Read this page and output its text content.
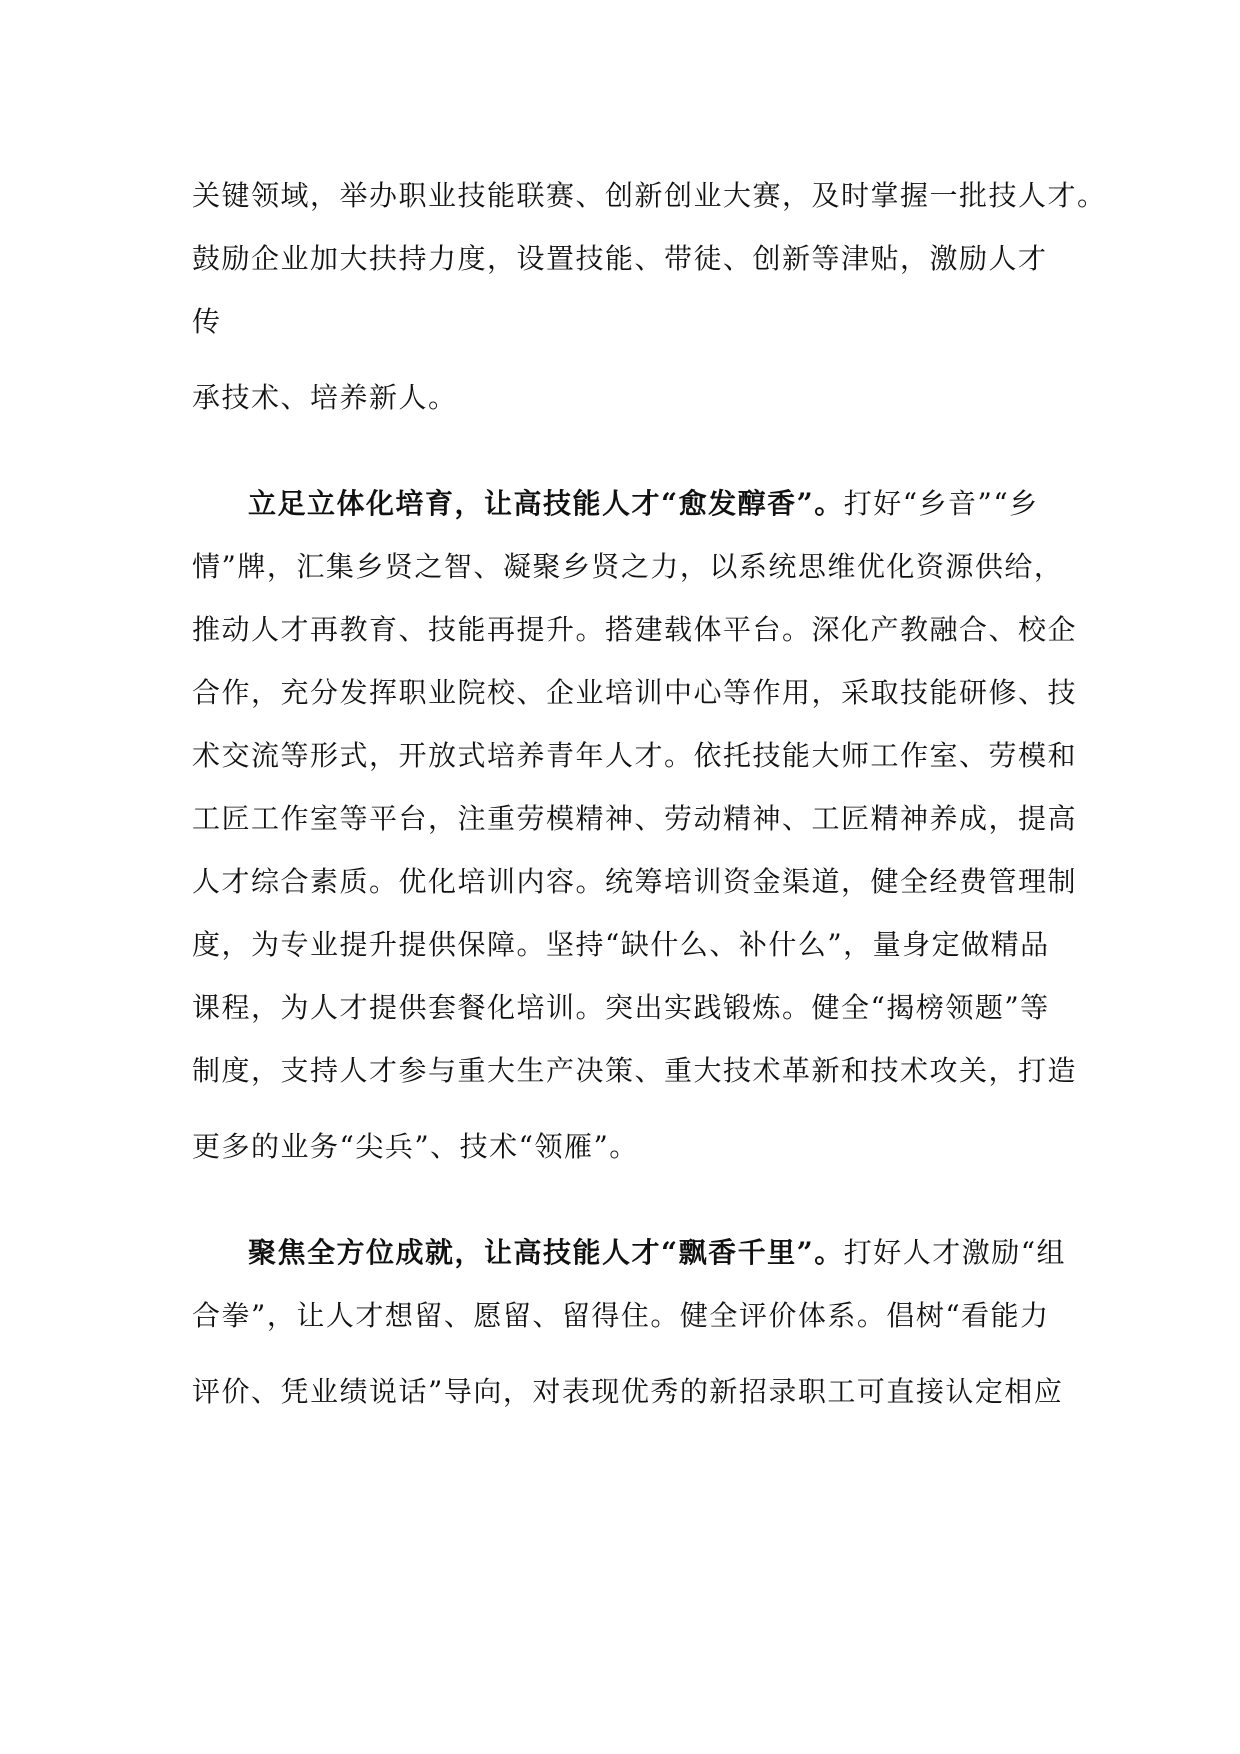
关键领域，举办职业技能联赛、创新创业大赛，及时掌握一批技人才。
鼓励企业加大扶持力度，设置技能、带徒、创新等津贴，激励人才
传
承技术、培养新人。
立足立体化培育，让高技能人才“愈发醇香”。打好“乡音”“乡
情”牌，汇集乡贤之智、凝聚乡贤之力，以系统思维优化资源供给，
推动人才再教育、技能再提升。搭建载体平台。深化产教融合、校企
合作，充分发挥职业院校、企业培训中心等作用，采取技能研修、技
术交流等形式，开放式培养青年人才。依托技能大师工作室、劳模和
工匠工作室等平台，注重劳模精神、劳动精神、工匠精神养成，提高
人才综合素质。优化培训内容。统筹培训资金渠道，健全经费管理制
度，为专业提升提供保障。坚持“缺什么、补什么”，量身定做精品
课程，为人才提供套餐化培训。突出实践锻炼。健全“揭榜领题”等
制度，支持人才参与重大生产决策、重大技术革新和技术攻关，打造
更多的业务“尖兵”、技术“领雁”。
聚焦全方位成就，让高技能人才“飘香千里”。打好人才激励“组
合拳”，让人才想留、愿留、留得住。健全评价体系。倡树“看能力
评价、凭业绩说话”导向，对表现优秀的新招录职工可直接认定相应
